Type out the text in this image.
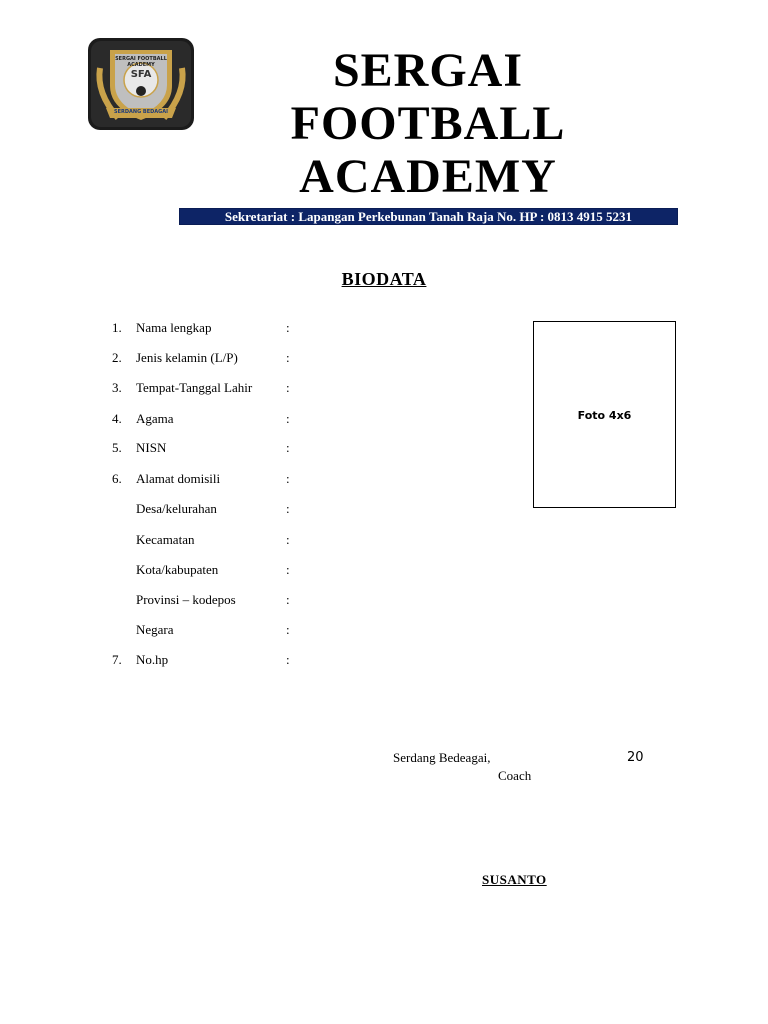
SERGAI FOOTBALL ACADEMY
SFA
SERDANG BEDAGAI
SERGAI
FOOTBALL
ACADEMY
Sekretariat : Lapangan Perkebunan Tanah Raja No. HP : 0813 4915 5231
BIODATA
1.	Nama lengkap	:
2.	Jenis kelamin (L/P)	:
3.	Tempat-Tanggal Lahir	:
4.	Agama	:
5.	NISN	:
6.	Alamat domisili	:
Desa/kelurahan	:
Kecamatan	:
Kota/kabupaten	:
Provinsi – kodepos	:
Negara	:
7.	No.hp	:
Foto 4x6
Serdang Bedeagai,	20
Coach
SUSANTO
